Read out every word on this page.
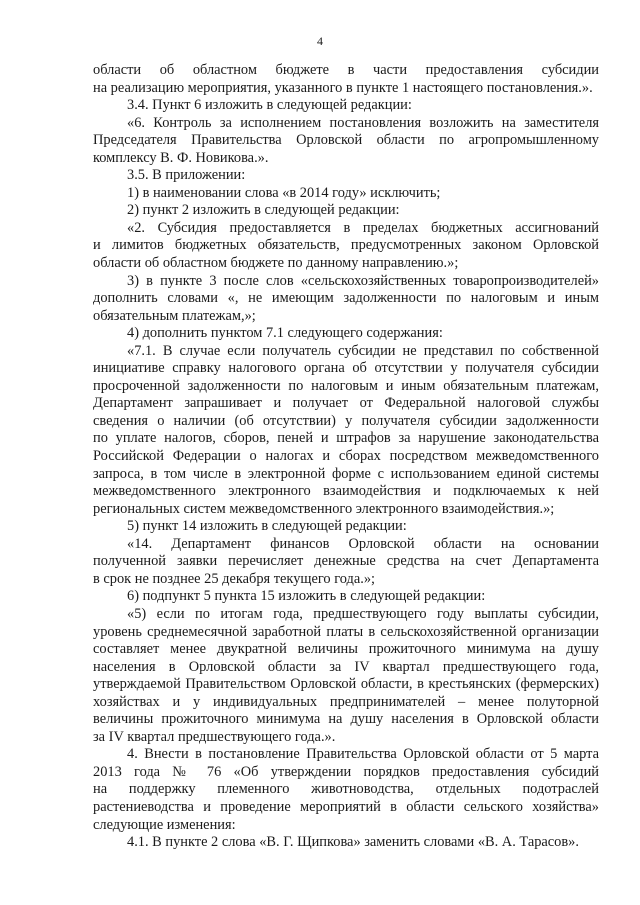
4
области об областном бюджете в части предоставления субсидии
на реализацию мероприятия, указанного в пункте 1 настоящего постановления.».
3.4. Пункт 6 изложить в следующей редакции:
«6. Контроль за исполнением постановления возложить на заместителя
Председателя Правительства Орловской области по агропромышленному
комплексу В. Ф. Новикова.».
3.5. В приложении:
1) в наименовании слова «в 2014 году» исключить;
2) пункт 2 изложить в следующей редакции:
«2. Субсидия предоставляется в пределах бюджетных ассигнований
и лимитов бюджетных обязательств, предусмотренных законом Орловской
области об областном бюджете по данному направлению.»;
3) в пункте 3 после слов «сельскохозяйственных товаропроизводителей»
дополнить словами «, не имеющим задолженности по налоговым и иным
обязательным платежам,»;
4) дополнить пунктом 7.1 следующего содержания:
«7.1. В случае если получатель субсидии не представил по собственной
инициативе справку налогового органа об отсутствии у получателя субсидии
просроченной задолженности по налоговым и иным обязательным платежам,
Департамент запрашивает и получает от Федеральной налоговой службы
сведения о наличии (об отсутствии) у получателя субсидии задолженности
по уплате налогов, сборов, пеней и штрафов за нарушение законодательства
Российской Федерации о налогах и сборах посредством межведомственного
запроса, в том числе в электронной форме с использованием единой системы
межведомственного электронного взаимодействия и подключаемых к ней
региональных систем межведомственного электронного взаимодействия.»;
5) пункт 14 изложить в следующей редакции:
«14. Департамент финансов Орловской области на основании
полученной заявки перечисляет денежные средства на счет Департамента
в срок не позднее 25 декабря текущего года.»;
6) подпункт 5 пункта 15 изложить в следующей редакции:
«5) если по итогам года, предшествующего году выплаты субсидии,
уровень среднемесячной заработной платы в сельскохозяйственной организации
составляет менее двукратной величины прожиточного минимума на душу
населения в Орловской области за IV квартал предшествующего года,
утверждаемой Правительством Орловской области, в крестьянских (фермерских)
хозяйствах и у индивидуальных предпринимателей – менее полуторной
величины прожиточного минимума на душу населения в Орловской области
за IV квартал предшествующего года.».
4. Внести в постановление Правительства Орловской области от 5 марта
2013 года № 76 «Об утверждении порядков предоставления субсидий
на поддержку племенного животноводства, отдельных подотраслей
растениеводства и проведение мероприятий в области сельского хозяйства»
следующие изменения:
4.1. В пункте 2 слова «В. Г. Щипкова» заменить словами «В. А. Тарасов».
